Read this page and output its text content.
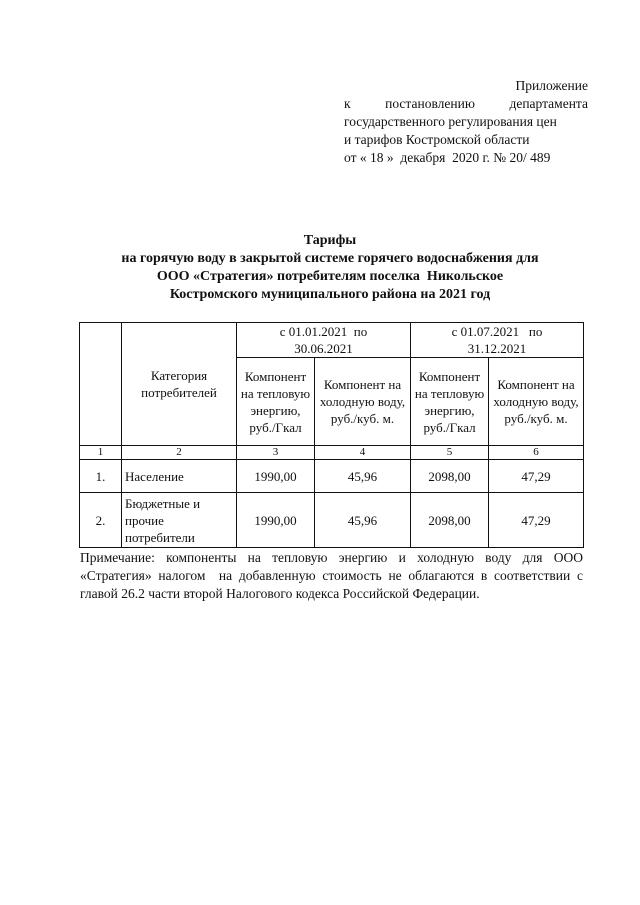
Приложение
к	постановлению	департамента
государственного регулирования цен
и тарифов Костромской области
от « 18 »  декабря  2020 г. № 20/ 489
Тарифы
на горячую воду в закрытой системе горячего водоснабжения для
ООО «Стратегия» потребителям поселка  Никольское
Костромского муниципального района на 2021 год
	Категория потребителей	с 01.01.2021  по 30.06.2021		с 01.07.2021   по 31.12.2021	
		Компонент на тепловую энергию, руб./Гкал	Компонент на холодную воду, руб./куб. м.	Компонент на тепловую энергию, руб./Гкал	Компонент на холодную воду, руб./куб. м.
1	2	3	4	5	6
1.	Население	1990,00	45,96	2098,00	47,29
2.	Бюджетные и прочие потребители	1990,00	45,96	2098,00	47,29
Примечание: компоненты на тепловую энергию и холодную воду для ООО «Стратегия» налогом  на добавленную стоимость не облагаются в соответствии с главой 26.2 части второй Налогового кодекса Российской Федерации.
